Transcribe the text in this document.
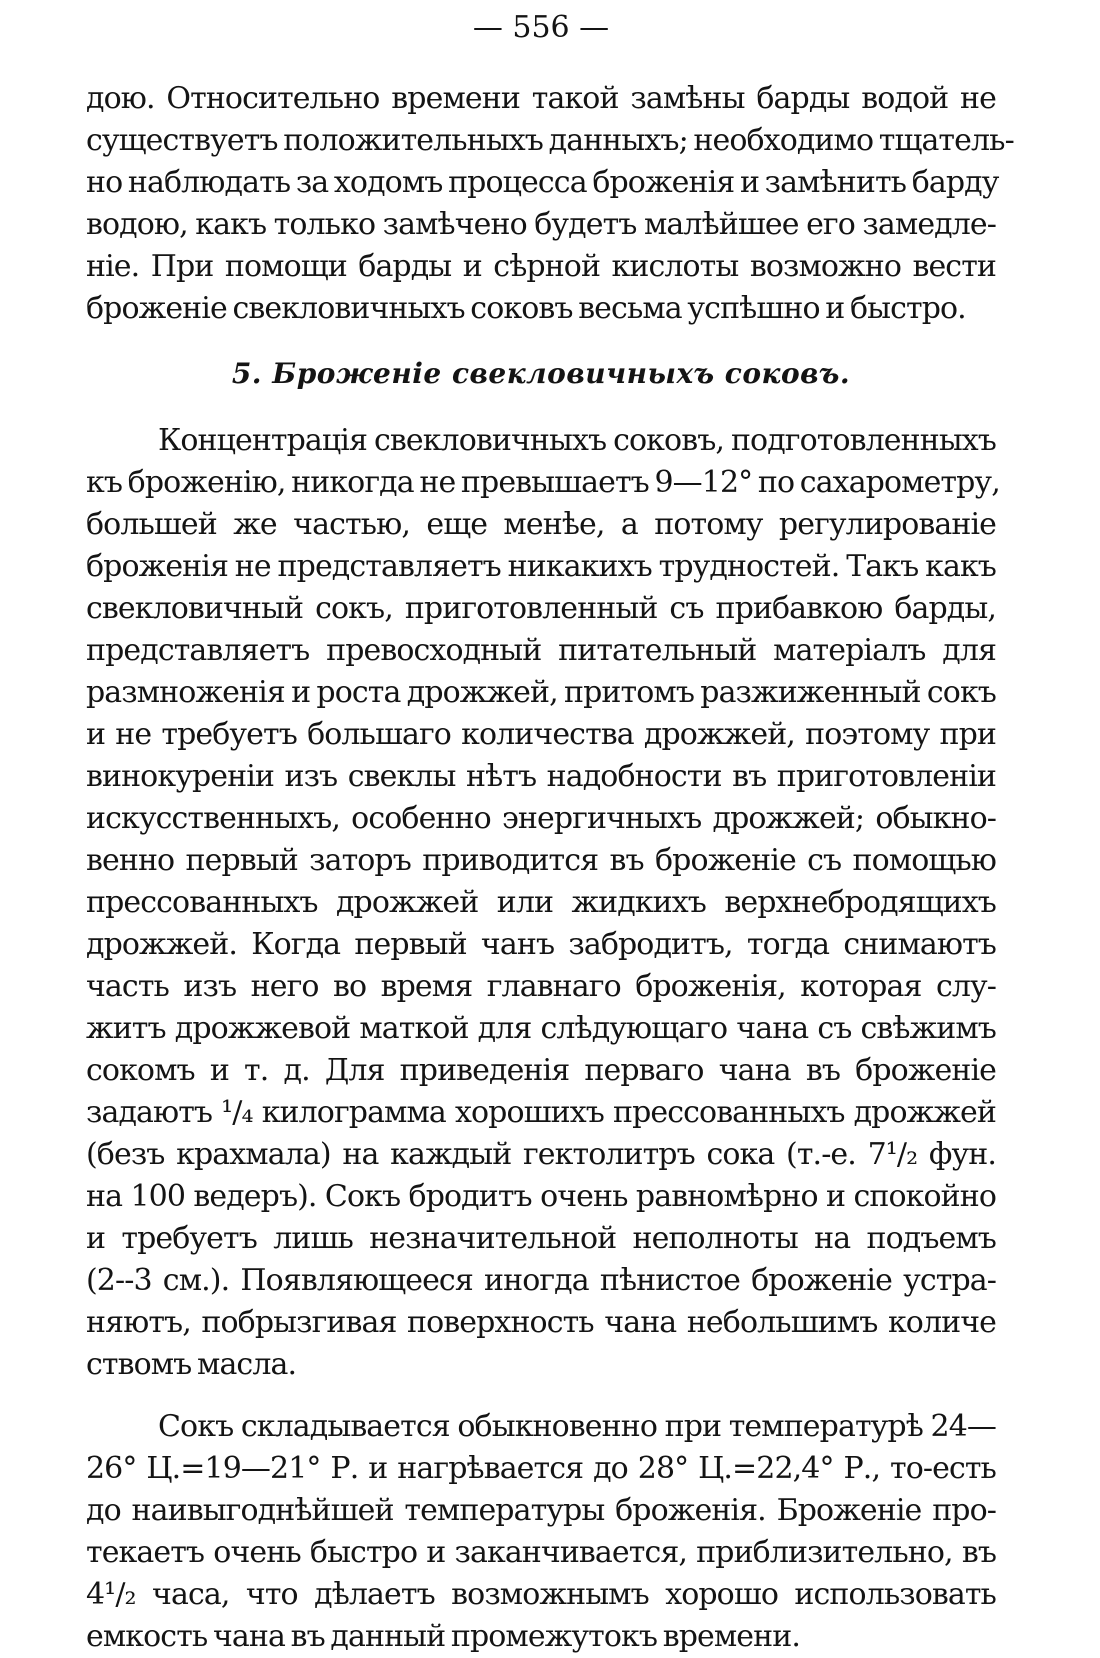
— 556 —
дою. Относительно времени такой замѣны барды водой не
существуетъ положительныхъ данныхъ; необходимо тщатель-
но наблюдать за ходомъ процесса броженія и замѣнить барду
водою, какъ только замѣчено будетъ малѣйшее его замедле-
ніе. При помощи барды и сѣрной кислоты возможно вести
броженіе свекловичныхъ соковъ весьма успѣшно и быстро.
5. Броженіе свекловичныхъ соковъ.
Концентрація свекловичныхъ соковъ, подготовленныхъ
къ броженію, никогда не превышаетъ 9—12° по сахарометру,
большей же частью, еще менѣе, а потому регулированіе
броженія не представляетъ никакихъ трудностей. Такъ какъ
свекловичный сокъ, приготовленный съ прибавкою барды,
представляетъ превосходный питательный матеріалъ для
размноженія и роста дрожжей, притомъ разжиженный сокъ
и не требуетъ большаго количества дрожжей, поэтому при
винокуреніи изъ свеклы нѣтъ надобности въ приготовленіи
искусственныхъ, особенно энергичныхъ дрожжей; обыкно-
венно первый заторъ приводится въ броженіе съ помощью
прессованныхъ дрожжей или жидкихъ верхнебродящихъ
дрожжей. Когда первый чанъ забродитъ, тогда снимаютъ
часть изъ него во время главнаго броженія, которая слу-
житъ дрожжевой маткой для слѣдующаго чана съ свѣжимъ
сокомъ и т. д. Для приведенія перваго чана въ броженіе
задаютъ ¹/₄ килограмма хорошихъ прессованныхъ дрожжей
(безъ крахмала) на каждый гектолитръ сока (т.-е. 7¹/₂ фун.
на 100 ведеръ). Сокъ бродитъ очень равномѣрно и спокойно
и требуетъ лишь незначительной неполноты на подъемъ
(2--3 см.). Появляющееся иногда пѣнистое броженіе устра-
няютъ, побрызгивая поверхность чана небольшимъ количе
ствомъ масла.
Сокъ складывается обыкновенно при температурѣ 24—
26° Ц.=19—21° Р. и нагрѣвается до 28° Ц.=22,4° Р., то-есть
до наивыгоднѣйшей температуры броженія. Броженіе про-
текаетъ очень быстро и заканчивается, приблизительно, въ
4¹/₂ часа, что дѣлаетъ возможнымъ хорошо использовать
емкость чана въ данный промежутокъ времени.
